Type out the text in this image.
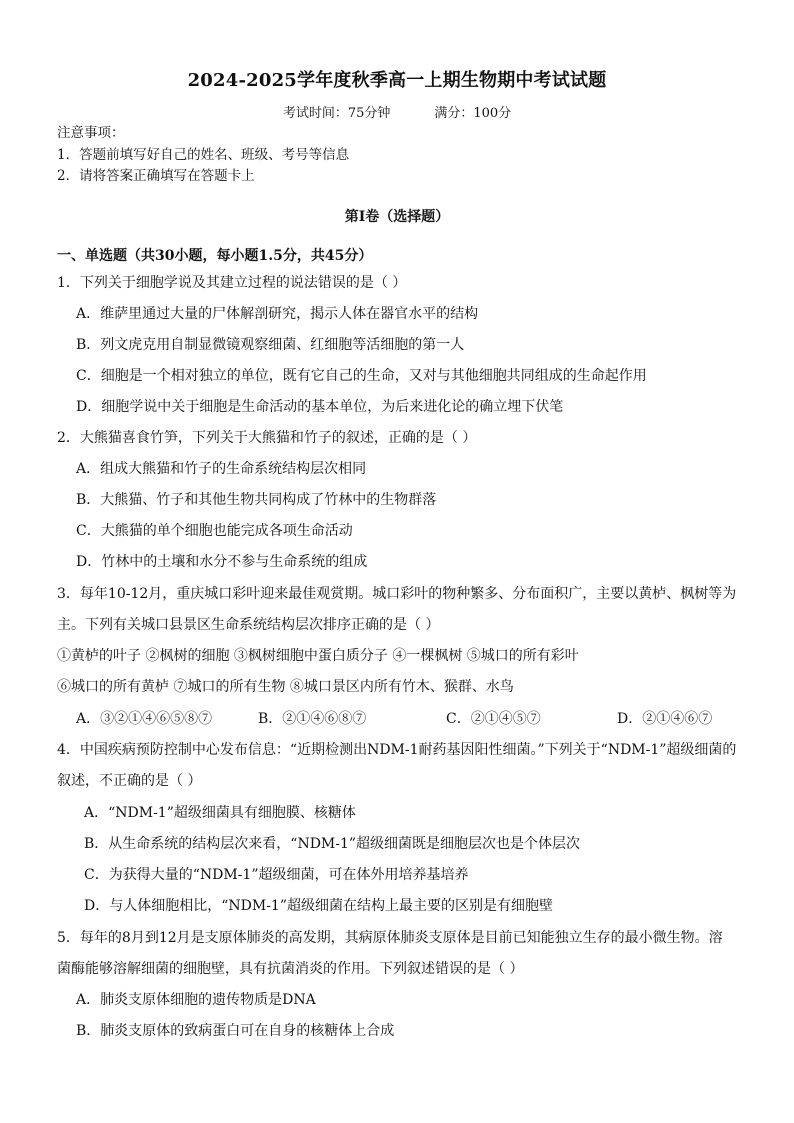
2024-2025学年度秋季高一上期生物期中考试试题
考试时间：75分钟	满分：100分
注意事项：
1．答题前填写好自己的姓名、班级、考号等信息
2．请将答案正确填写在答题卡上
第I卷（选择题）
一、单选题（共30小题，每小题1.5分，共45分）
1．下列关于细胞学说及其建立过程的说法错误的是（ ）
A．维萨里通过大量的尸体解剖研究，揭示人体在器官水平的结构
B．列文虎克用自制显微镜观察细菌、红细胞等活细胞的第一人
C．细胞是一个相对独立的单位，既有它自己的生命，又对与其他细胞共同组成的生命起作用
D．细胞学说中关于细胞是生命活动的基本单位，为后来进化论的确立埋下伏笔
2．大熊猫喜食竹笋，下列关于大熊猫和竹子的叙述，正确的是（ ）
A．组成大熊猫和竹子的生命系统结构层次相同
B．大熊猫、竹子和其他生物共同构成了竹林中的生物群落
C．大熊猫的单个细胞也能完成各项生命活动
D．竹林中的土壤和水分不参与生命系统的组成
3．每年10-12月，重庆城口彩叶迎来最佳观赏期。城口彩叶的物种繁多、分布面积广，主要以黄栌、枫树等为
主。下列有关城口县景区生命系统结构层次排序正确的是（ ）
①黄栌的叶子 ②枫树的细胞 ③枫树细胞中蛋白质分子 ④一棵枫树 ⑤城口的所有彩叶
⑥城口的所有黄栌 ⑦城口的所有生物 ⑧城口景区内所有竹木、猴群、水鸟
A．③②①④⑥⑤⑧⑦	B．②①④⑥⑧⑦	C．②①④⑤⑦	D．②①④⑥⑦
4．中国疾病预防控制中心发布信息：“近期检测出NDM-1耐药基因阳性细菌。”下列关于“NDM-1”超级细菌的
叙述，不正确的是（ ）
A．“NDM-1”超级细菌具有细胞膜、核糖体
B．从生命系统的结构层次来看，“NDM-1”超级细菌既是细胞层次也是个体层次
C．为获得大量的“NDM-1”超级细菌，可在体外用培养基培养
D．与人体细胞相比，“NDM-1”超级细菌在结构上最主要的区别是有细胞壁
5．每年的8月到12月是支原体肺炎的高发期，其病原体肺炎支原体是目前已知能独立生存的最小微生物。溶
菌酶能够溶解细菌的细胞壁，具有抗菌消炎的作用。下列叙述错误的是（ ）
A．肺炎支原体细胞的遗传物质是DNA
B．肺炎支原体的致病蛋白可在自身的核糖体上合成
